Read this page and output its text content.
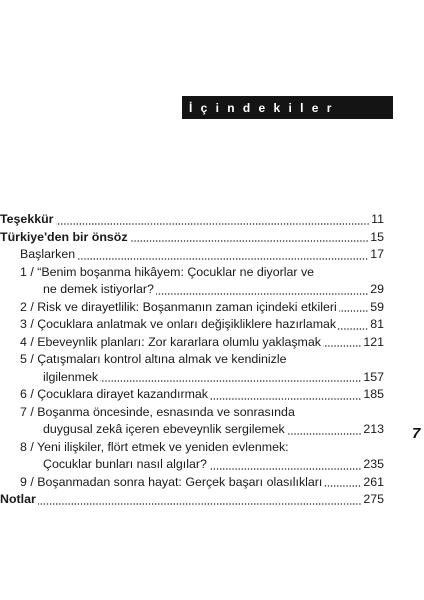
İçindekiler
Teşekkür	11
Türkiye'den bir önsöz	15
Başlarken	17
1 / “Benim boşanma hikâyem: Çocuklar ne diyorlar ve
ne demek istiyorlar?	29
2 / Risk ve dirayetlilik: Boşanmanın zaman içindeki etkileri	59
3 / Çocuklara anlatmak ve onları değişikliklere hazırlamak	81
4 / Ebeveynlik planları: Zor kararlara olumlu yaklaşmak	121
5 / Çatışmaları kontrol altına almak ve kendinizle
ilgilenmek	157
6 / Çocuklara dirayet kazandırmak	185
7 / Boşanma öncesinde, esnasında ve sonrasında
duygusal zekâ içeren ebeveynlik sergilemek	213
8 / Yeni ilişkiler, flört etmek ve yeniden evlenmek:
Çocuklar bunları nasıl algılar?	235
9 / Boşanmadan sonra hayat: Gerçek başarı olasılıkları	261
Notlar	275
7
